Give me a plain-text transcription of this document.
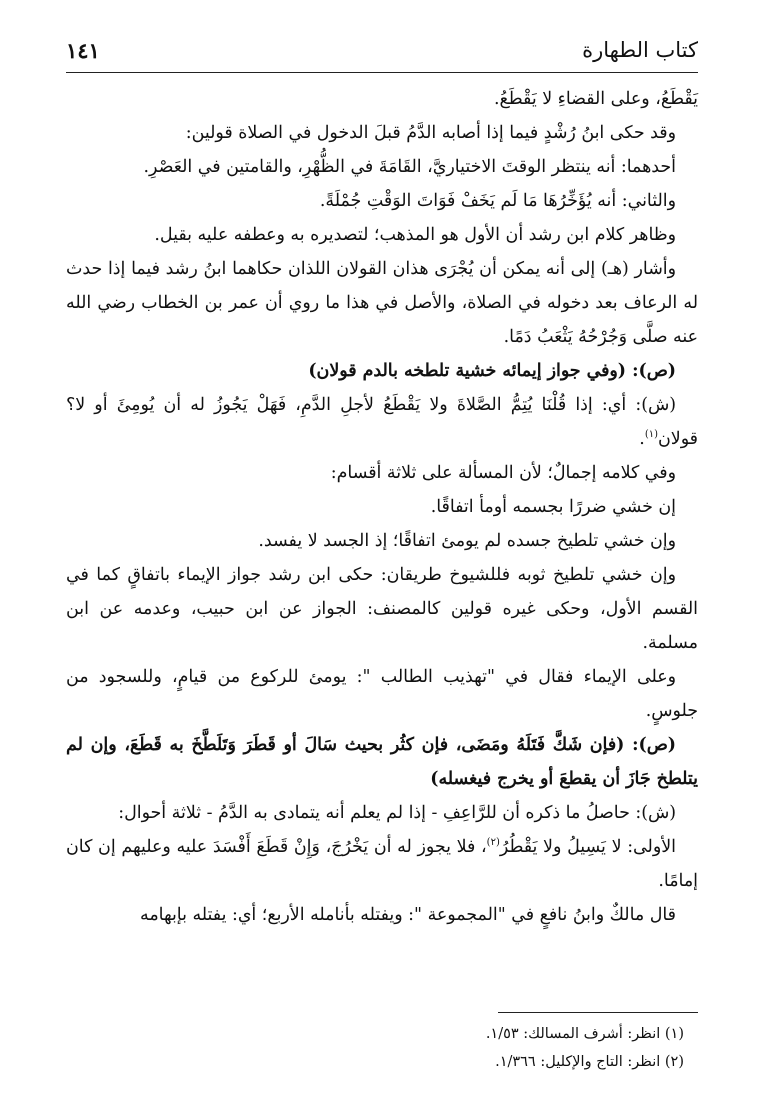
كتاب الطهارة
١٤١

يَقْطَعُ، وعلى القضاءِ لا يَقْطَعُ.

وقد حكى ابنُ رُشْدٍ فيما إذا أصابه الدَّمُ قبلَ الدخول في الصلاة قولين:

أحدهما: أنه ينتظر الوقتَ الاختياريَّ، القَامَةَ في الظُّهْرِ، والقامتين في العَصْرِ.

والثاني: أنه يُؤَخِّرُهَا مَا لَم يَخَفْ فَوَاتَ الوَقْتِ جُمْلَةً.

وظاهر كلام ابن رشد أن الأول هو المذهب؛ لتصديره به وعطفه عليه بقيل.

وأشار (هـ) إلى أنه يمكن أن يُجْرَى هذان القولان اللذان حكاهما ابنُ رشد فيما إذا حدث له الرعاف بعد دخوله في الصلاة، والأصل في هذا ما روي أن عمر بن الخطاب رضي الله عنه صلَّى وَجُرْحُهُ يَثْعَبُ دَمًا.

(ص): (وفي جواز إيمائه خشية تلطخه بالدم قولان)

(ش): أي: إذا قُلْنَا يُتِمُّ الصَّلاةَ ولا يَقْطَعُ لأجلِ الدَّمِ، فَهَلْ يَجُوزُ له أن يُومِئَ أو لا؟ قولان$^{(١)}$.

وفي كلامه إجمالٌ؛ لأن المسألة على ثلاثة أقسام:

إن خشي ضررًا بجسمه أومأ اتفاقًا.

وإن خشي تلطيخ جسده لم يومئ اتفاقًا؛ إذ الجسد لا يفسد.

وإن خشي تلطيخ ثوبه فللشيوخ طريقان: حكى ابن رشد جواز الإيماء باتفاقٍ كما في القسم الأول، وحكى غيره قولين كالمصنف: الجواز عن ابن حبيب، وعدمه عن ابن مسلمة.

وعلى الإيماء فقال في "تهذيب الطالب ": يومئ للركوع من قيامٍ، وللسجود من جلوسٍ.

(ص): (فإن شَكَّ فَتَلَهُ ومَضَى، فإن كثُر بحيث سَالَ أو قَطَرَ وَتَلَطَّخَ به قَطَعَ، وإن لم يتلطخ جَازَ أن يقطعَ أو يخرج فيغسله)

(ش): حاصلُ ما ذكره أن للرَّاعِفِ - إذا لم يعلم أنه يتمادى به الدَّمُ - ثلاثة أحوال:

الأولى: لا يَسِيلُ ولا يَقْطُرُ$^{(٢)}$، فلا يجوز له أن يَخْرُجَ، وَإِنْ قَطَعَ أَفْسَدَ عليه وعليهم إن كان إمامًا.

قال مالكٌ وابنُ نافعٍ في "المجموعة ": ويفتله بأنامله الأربع؛ أي: يفتله بإبهامه

(١) انظر: أشرف المسالك: ١/٥٣.

(٢) انظر: التاج والإكليل: ١/٣٦٦.
